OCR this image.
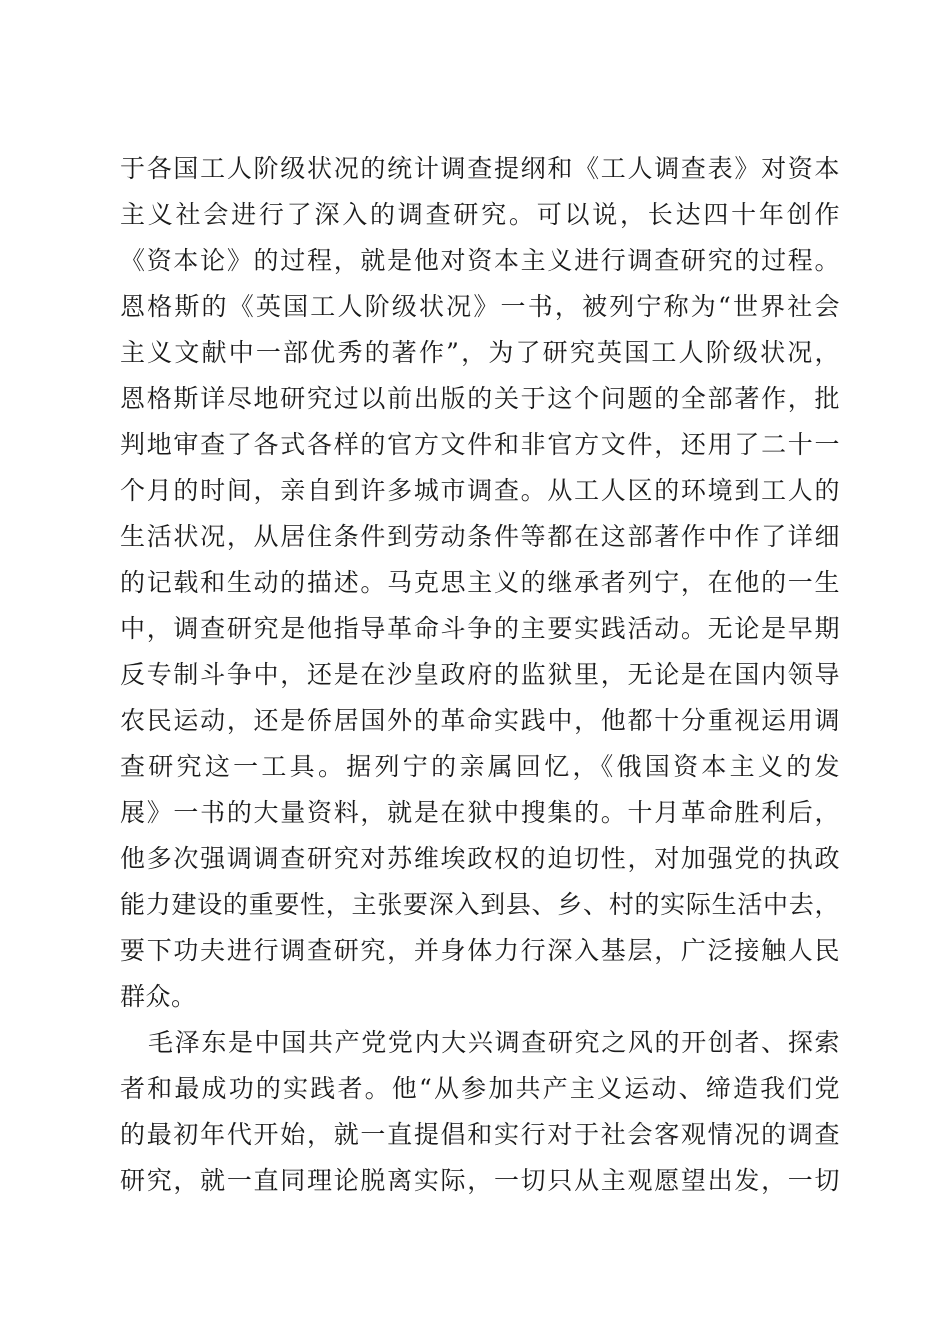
于各国工人阶级状况的统计调查提纲和《工人调查表》对资本
主义社会进行了深入的调查研究。可以说，长达四十年创作
《资本论》的过程，就是他对资本主义进行调查研究的过程。
恩格斯的《英国工人阶级状况》一书，被列宁称为“世界社会
主义文献中一部优秀的著作”，为了研究英国工人阶级状况，
恩格斯详尽地研究过以前出版的关于这个问题的全部著作，批
判地审查了各式各样的官方文件和非官方文件，还用了二十一
个月的时间，亲自到许多城市调查。从工人区的环境到工人的
生活状况，从居住条件到劳动条件等都在这部著作中作了详细
的记载和生动的描述。马克思主义的继承者列宁，在他的一生
中，调查研究是他指导革命斗争的主要实践活动。无论是早期
反专制斗争中，还是在沙皇政府的监狱里，无论是在国内领导
农民运动，还是侨居国外的革命实践中，他都十分重视运用调
查研究这一工具。据列宁的亲属回忆，《俄国资本主义的发
展》一书的大量资料，就是在狱中搜集的。十月革命胜利后，
他多次强调调查研究对苏维埃政权的迫切性，对加强党的执政
能力建设的重要性，主张要深入到县、乡、村的实际生活中去，
要下功夫进行调查研究，并身体力行深入基层，广泛接触人民
群众。
毛泽东是中国共产党党内大兴调查研究之风的开创者、探索
者和最成功的实践者。他“从参加共产主义运动、缔造我们党
的最初年代开始，就一直提倡和实行对于社会客观情况的调查
研究，就一直同理论脱离实际，一切只从主观愿望出发，一切
